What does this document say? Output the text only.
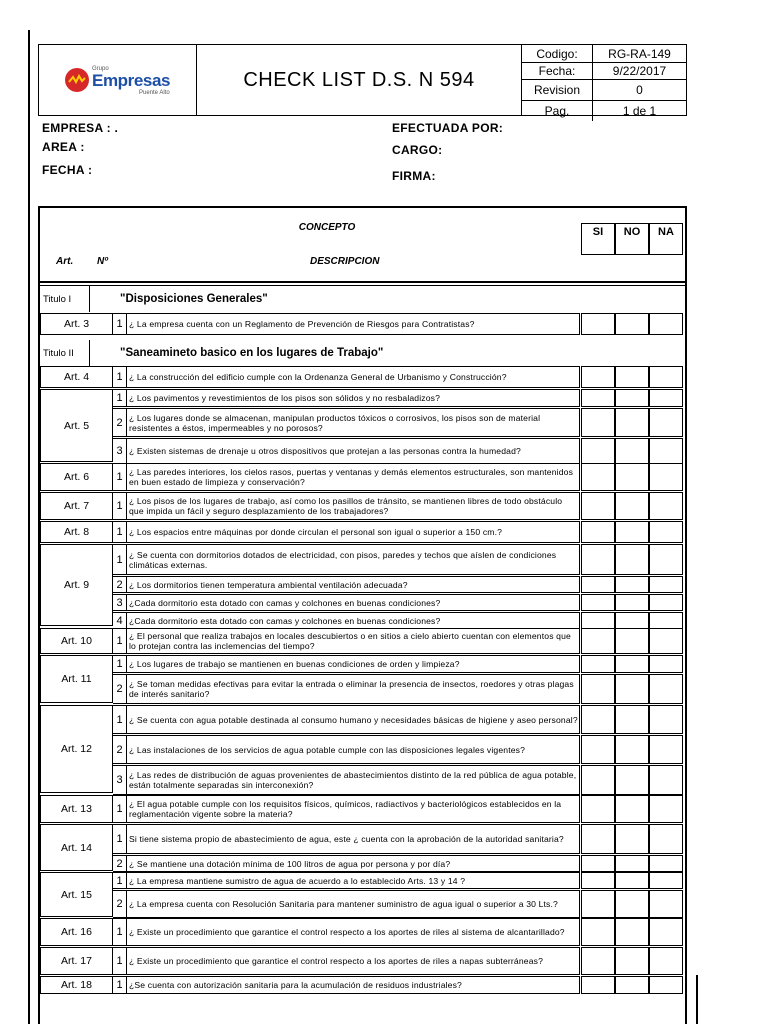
Grupo
Empresas
Puente Alto
CHECK LIST D.S. N 594
Codigo:	RG-RA-149
Fecha:	9/22/2017
Revision	0
Pag.	1 de 1
EMPRESA : .
AREA :
FECHA :
EFECTUADA POR:
CARGO:
FIRMA:
CONCEPTO	SI	NO	NA
Art. Nº	DESCRIPCION
Titulo I	"Disposiciones Generales"
Titulo II	"Saneamineto basico en los lugares de Trabajo"
Art. 3	1 ¿ La empresa cuenta con un Reglamento de Prevención de Riesgos para Contratistas?
Art. 4	1 ¿ La construcción del edificio cumple con la Ordenanza General de Urbanismo y Construcción?
Art. 5
1 ¿ Los pavimentos y revestimientos de los pisos son sólidos y no resbaladizos?
2 ¿ Los lugares donde se almacenan, manipulan productos tóxicos o corrosivos, los pisos son de material resistentes a éstos, impermeables y no porosos?
3 ¿ Existen sistemas de drenaje u otros dispositivos que protejan a las personas contra la humedad?
Art. 6	1 ¿ Las paredes interiores, los cielos rasos, puertas y ventanas y demás elementos estructurales, son mantenidos en buen estado de limpieza y conservación?
Art. 7	1 ¿ Los pisos de los lugares de trabajo, así como los pasillos de tránsito, se mantienen libres de todo obstáculo que impida un fácil y seguro desplazamiento de los trabajadores?
Art. 8	1 ¿ Los espacios entre máquinas por donde circulan el personal son igual o superior a 150 cm.?
Art. 9
1 ¿ Se cuenta con dormitorios dotados de electricidad, con pisos, paredes y techos que aíslen de condiciones climáticas externas.
2 ¿ Los dormitorios tienen temperatura ambiental ventilación adecuada?
3 ¿Cada dormitorio esta dotado con camas y colchones en buenas condiciones?
4 ¿Cada dormitorio esta dotado con camas y colchones en buenas condiciones?
Art. 10	1 ¿ El personal que realiza trabajos en locales descubiertos o en sitios a cielo abierto cuentan con elementos que lo protejan contra las inclemencias del tiempo?
Art. 11
1 ¿ Los lugares de trabajo se mantienen en buenas condiciones de orden y limpieza?
2 ¿ Se toman medidas efectivas para evitar la entrada o eliminar la presencia de insectos, roedores y otras plagas de interés sanitario?
Art. 12
1 ¿ Se cuenta con agua potable destinada al consumo humano y necesidades básicas de higiene y aseo personal?
2 ¿ Las instalaciones de los servicios de agua potable cumple con las disposiciones legales vigentes?
3 ¿ Las redes de distribución de aguas provenientes de abastecimientos distinto de la red pública de agua potable, están totalmente separadas sin interconexión?
Art. 13	1 ¿ El agua potable cumple con los requisitos físicos, químicos, radiactivos y bacteriológicos establecidos en la reglamentación vigente sobre la materia?
Art. 14
1 Si tiene sistema propio de abastecimiento de agua, este ¿ cuenta con la aprobación de la autoridad sanitaria?
2 ¿ Se mantiene una dotación mínima de 100 litros de agua por persona y por día?
Art. 15
1 ¿ La empresa mantiene sumistro de agua de acuerdo a lo establecido Arts. 13 y 14 ?
2 ¿ La empresa cuenta con Resolución Sanitaria para mantener suministro de agua igual o superior a 30 Lts.?
Art. 16	1 ¿ Existe un procedimiento que garantice el control respecto a los aportes de riles al sistema de alcantarillado?
Art. 17	1 ¿ Existe un procedimiento que garantice el control respecto a los aportes de riles a napas subterráneas?
Art. 18	1 ¿Se cuenta con autorización sanitaria para la acumulación de residuos industriales?
